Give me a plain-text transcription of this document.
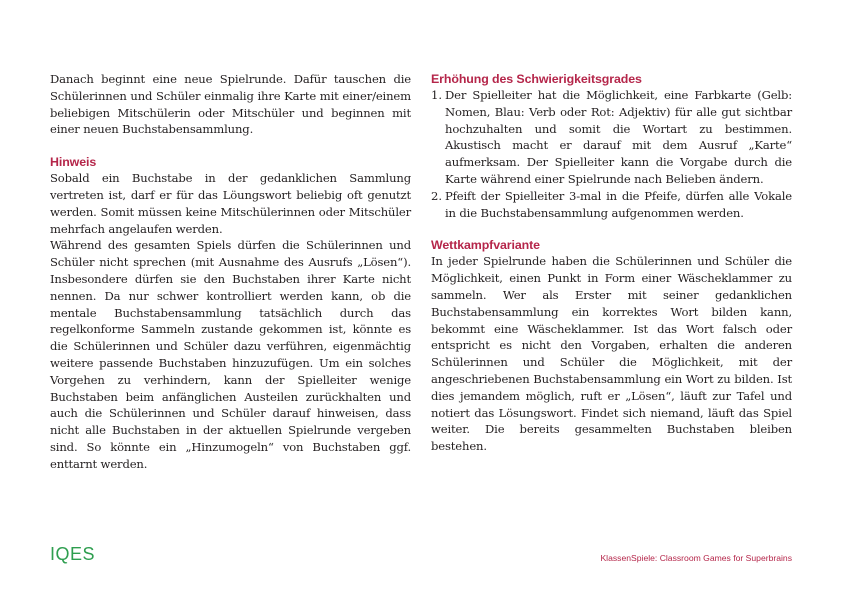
Danach beginnt eine neue Spielrunde. Dafür tauschen die Schülerinnen und Schüler einmalig ihre Karte mit einer/einem beliebigen Mitschülerin oder Mitschüler und beginnen mit einer neuen Buchstabensammlung.

Hinweis

Sobald ein Buchstabe in der gedanklichen Sammlung vertreten ist, darf er für das Löungswort beliebig oft genutzt werden. Somit müssen keine Mitschülerinnen oder Mitschüler mehrfach angelaufen werden.

Während des gesamten Spiels dürfen die Schülerinnen und Schüler nicht sprechen (mit Ausnahme des Ausrufs „Lösen“). Insbesondere dürfen sie den Buchstaben ihrer Karte nicht nennen. Da nur schwer kontrolliert werden kann, ob die mentale Buchstabensammlung tatsächlich durch das regelkonforme Sammeln zustande gekommen ist, könnte es die Schülerinnen und Schüler dazu verführen, eigenmächtig weitere passende Buchstaben hinzuzufügen. Um ein solches Vorgehen zu verhindern, kann der Spielleiter wenige Buchstaben beim anfänglichen Austeilen zurückhalten und auch die Schülerinnen und Schüler darauf hinweisen, dass nicht alle Buchstaben in der aktuellen Spielrunde vergeben sind. So könnte ein „Hinzumogeln“ von Buchstaben ggf. enttarnt werden.

Erhöhung des Schwierigkeitsgrades
1. Der Spielleiter hat die Möglichkeit, eine Farbkarte (Gelb: Nomen, Blau: Verb oder Rot: Adjektiv) für alle gut sichtbar hochzuhalten und somit die Wortart zu bestimmen. Akustisch macht er darauf mit dem Ausruf „Karte“ aufmerksam. Der Spielleiter kann die Vorgabe durch die Karte während einer Spielrunde nach Belieben ändern.

2. Pfeift der Spielleiter 3-mal in die Pfeife, dürfen alle Vokale in die Buchstabensammlung aufgenommen werden.

Wettkampfvariante

In jeder Spielrunde haben die Schülerinnen und Schüler die Möglichkeit, einen Punkt in Form einer Wäscheklammer zu sammeln. Wer als Erster mit seiner gedanklichen Buchstabensammlung ein korrektes Wort bilden kann, bekommt eine Wäscheklammer. Ist das Wort falsch oder entspricht es nicht den Vorgaben, erhalten die anderen Schülerinnen und Schüler die Möglichkeit, mit der angeschriebenen Buchstabensammlung ein Wort zu bilden. Ist dies jemandem möglich, ruft er „Lösen“, läuft zur Tafel und notiert das Lösungswort. Findet sich niemand, läuft das Spiel weiter. Die bereits gesammelten Buchstaben bleiben bestehen.

IQES	KlassenSpiele: Classroom Games for Superbrains
